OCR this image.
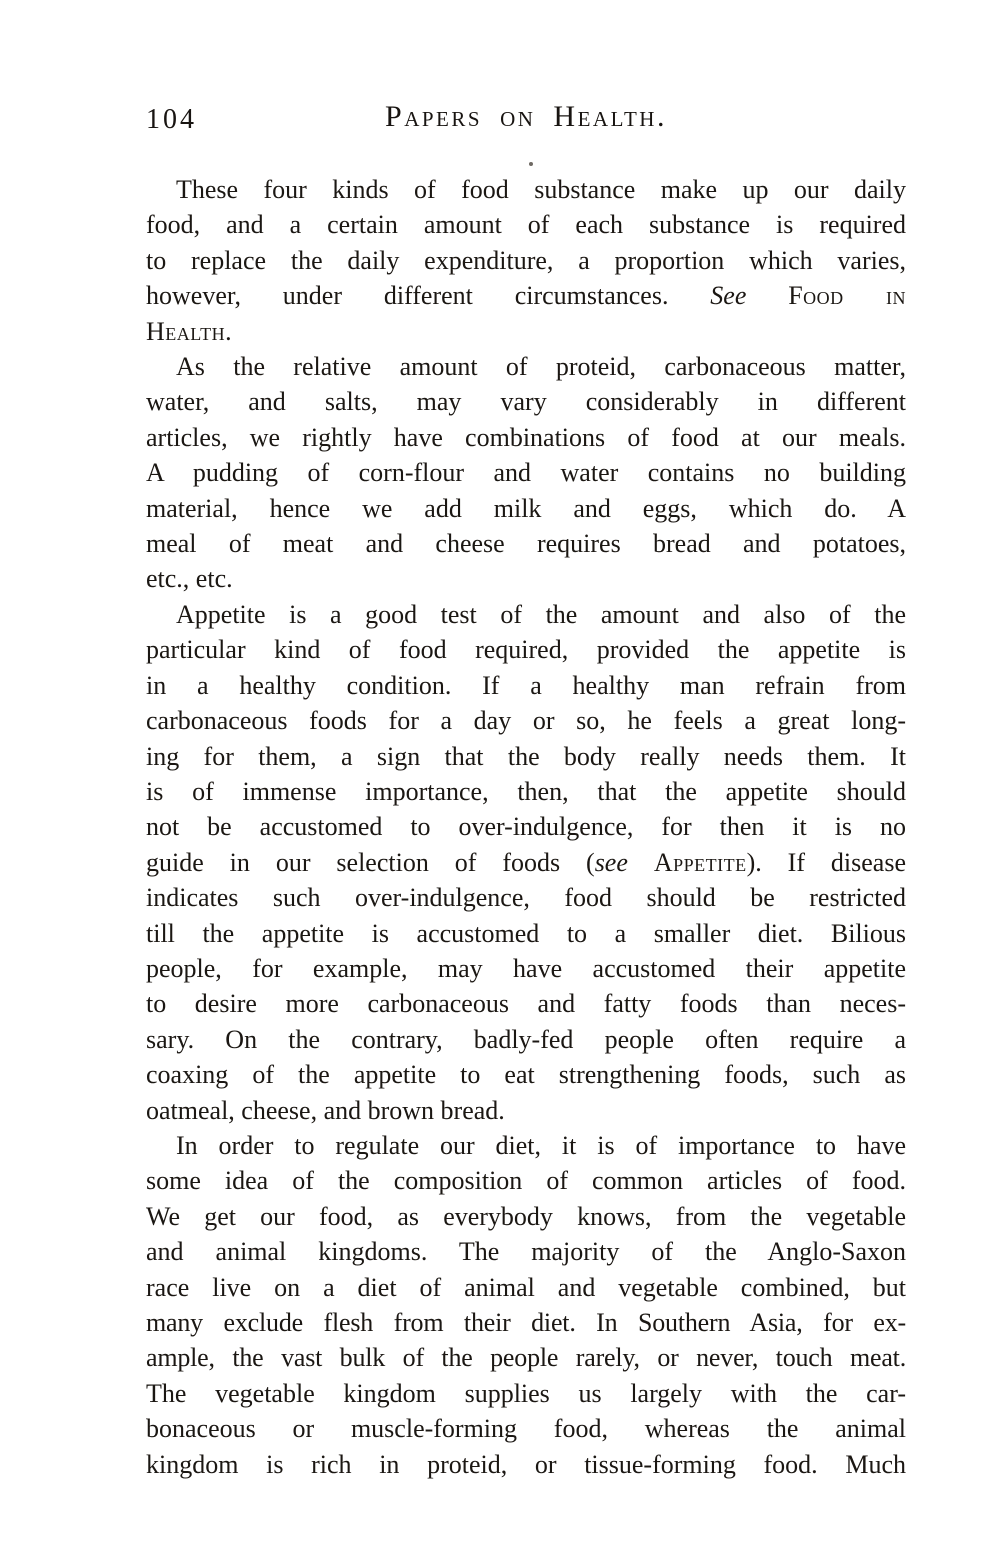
104	Papers on Health.
These four kinds of food substance make up our daily
food, and a certain amount of each substance is required
to replace the daily expenditure, a proportion which varies,
however, under different circumstances. See Food in
Health.
As the relative amount of proteid, carbonaceous matter,
water, and salts, may vary considerably in different
articles, we rightly have combinations of food at our meals.
A pudding of corn-flour and water contains no building
material, hence we add milk and eggs, which do. A
meal of meat and cheese requires bread and potatoes,
etc., etc.
Appetite is a good test of the amount and also of the
particular kind of food required, provided the appetite is
in a healthy condition. If a healthy man refrain from
carbonaceous foods for a day or so, he feels a great long-
ing for them, a sign that the body really needs them. It
is of immense importance, then, that the appetite should
not be accustomed to over-indulgence, for then it is no
guide in our selection of foods (see Appetite). If disease
indicates such over-indulgence, food should be restricted
till the appetite is accustomed to a smaller diet. Bilious
people, for example, may have accustomed their appetite
to desire more carbonaceous and fatty foods than neces-
sary. On the contrary, badly-fed people often require a
coaxing of the appetite to eat strengthening foods, such as
oatmeal, cheese, and brown bread.
In order to regulate our diet, it is of importance to have
some idea of the composition of common articles of food.
We get our food, as everybody knows, from the vegetable
and animal kingdoms. The majority of the Anglo-Saxon
race live on a diet of animal and vegetable combined, but
many exclude flesh from their diet. In Southern Asia, for ex-
ample, the vast bulk of the people rarely, or never, touch meat.
The vegetable kingdom supplies us largely with the car-
bonaceous or muscle-forming food, whereas the animal
kingdom is rich in proteid, or tissue-forming food. Much
